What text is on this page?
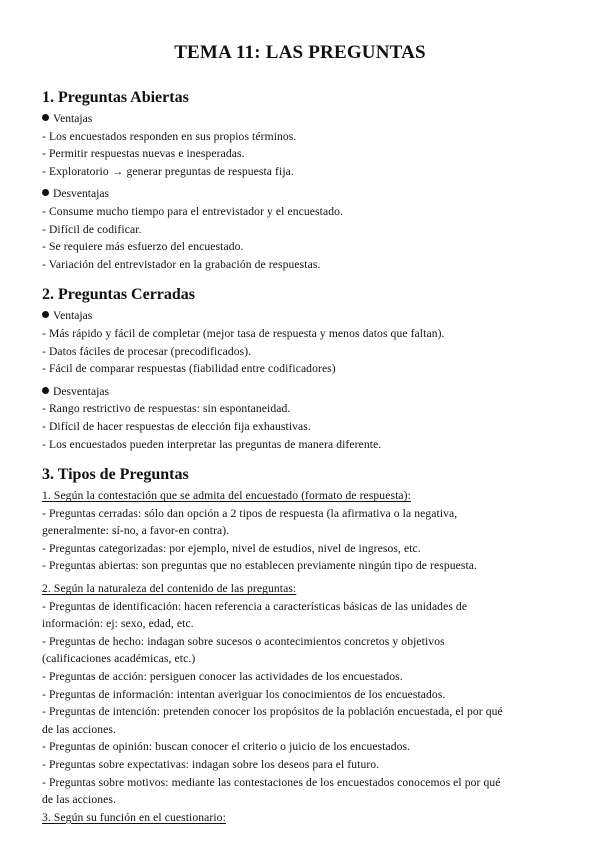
TEMA 11: LAS PREGUNTAS
1. Preguntas Abiertas
Ventajas
- Los encuestados responden en sus propios términos.
- Permitir respuestas nuevas e inesperadas.
- Exploratorio → generar preguntas de respuesta fija.
Desventajas
- Consume mucho tiempo para el entrevistador y el encuestado.
- Difícil de codificar.
- Se requiere más esfuerzo del encuestado.
- Variación del entrevistador en la grabación de respuestas.
2. Preguntas Cerradas
Ventajas
- Más rápido y fácil de completar (mejor tasa de respuesta y menos datos que faltan).
- Datos fáciles de procesar (precodificados).
- Fácil de comparar respuestas (fiabilidad entre codificadores)
Desventajas
- Rango restrictivo de respuestas: sin espontaneidad.
- Difícil de hacer respuestas de elección fija exhaustivas.
- Los encuestados pueden interpretar las preguntas de manera diferente.
3. Tipos de Preguntas
1. Según la contestación que se admita del encuestado (formato de respuesta):
- Preguntas cerradas: sólo dan opción a 2 tipos de respuesta (la afirmativa o la negativa,
generalmente: sí-no, a favor-en contra).
- Preguntas categorizadas: por ejemplo, nivel de estudios, nivel de ingresos, etc.
- Preguntas abiertas: son preguntas que no establecen previamente ningún tipo de respuesta.
2. Según la naturaleza del contenido de las preguntas:
- Preguntas de identificación: hacen referencia a características básicas de las unidades de
información: ej: sexo, edad, etc.
- Preguntas de hecho: indagan sobre sucesos o acontecimientos concretos y objetivos
(calificaciones académicas, etc.)
- Preguntas de acción: persiguen conocer las actividades de los encuestados.
- Preguntas de información: intentan averiguar los conocimientos de los encuestados.
- Preguntas de intención: pretenden conocer los propósitos de la población encuestada, el por qué
de las acciones.
- Preguntas de opinión: buscan conocer el criterio o juicio de los encuestados.
- Preguntas sobre expectativas: indagan sobre los deseos para el futuro.
- Preguntas sobre motivos: mediante las contestaciones de los encuestados conocemos el por qué
de las acciones.
3. Según su función en el cuestionario:
